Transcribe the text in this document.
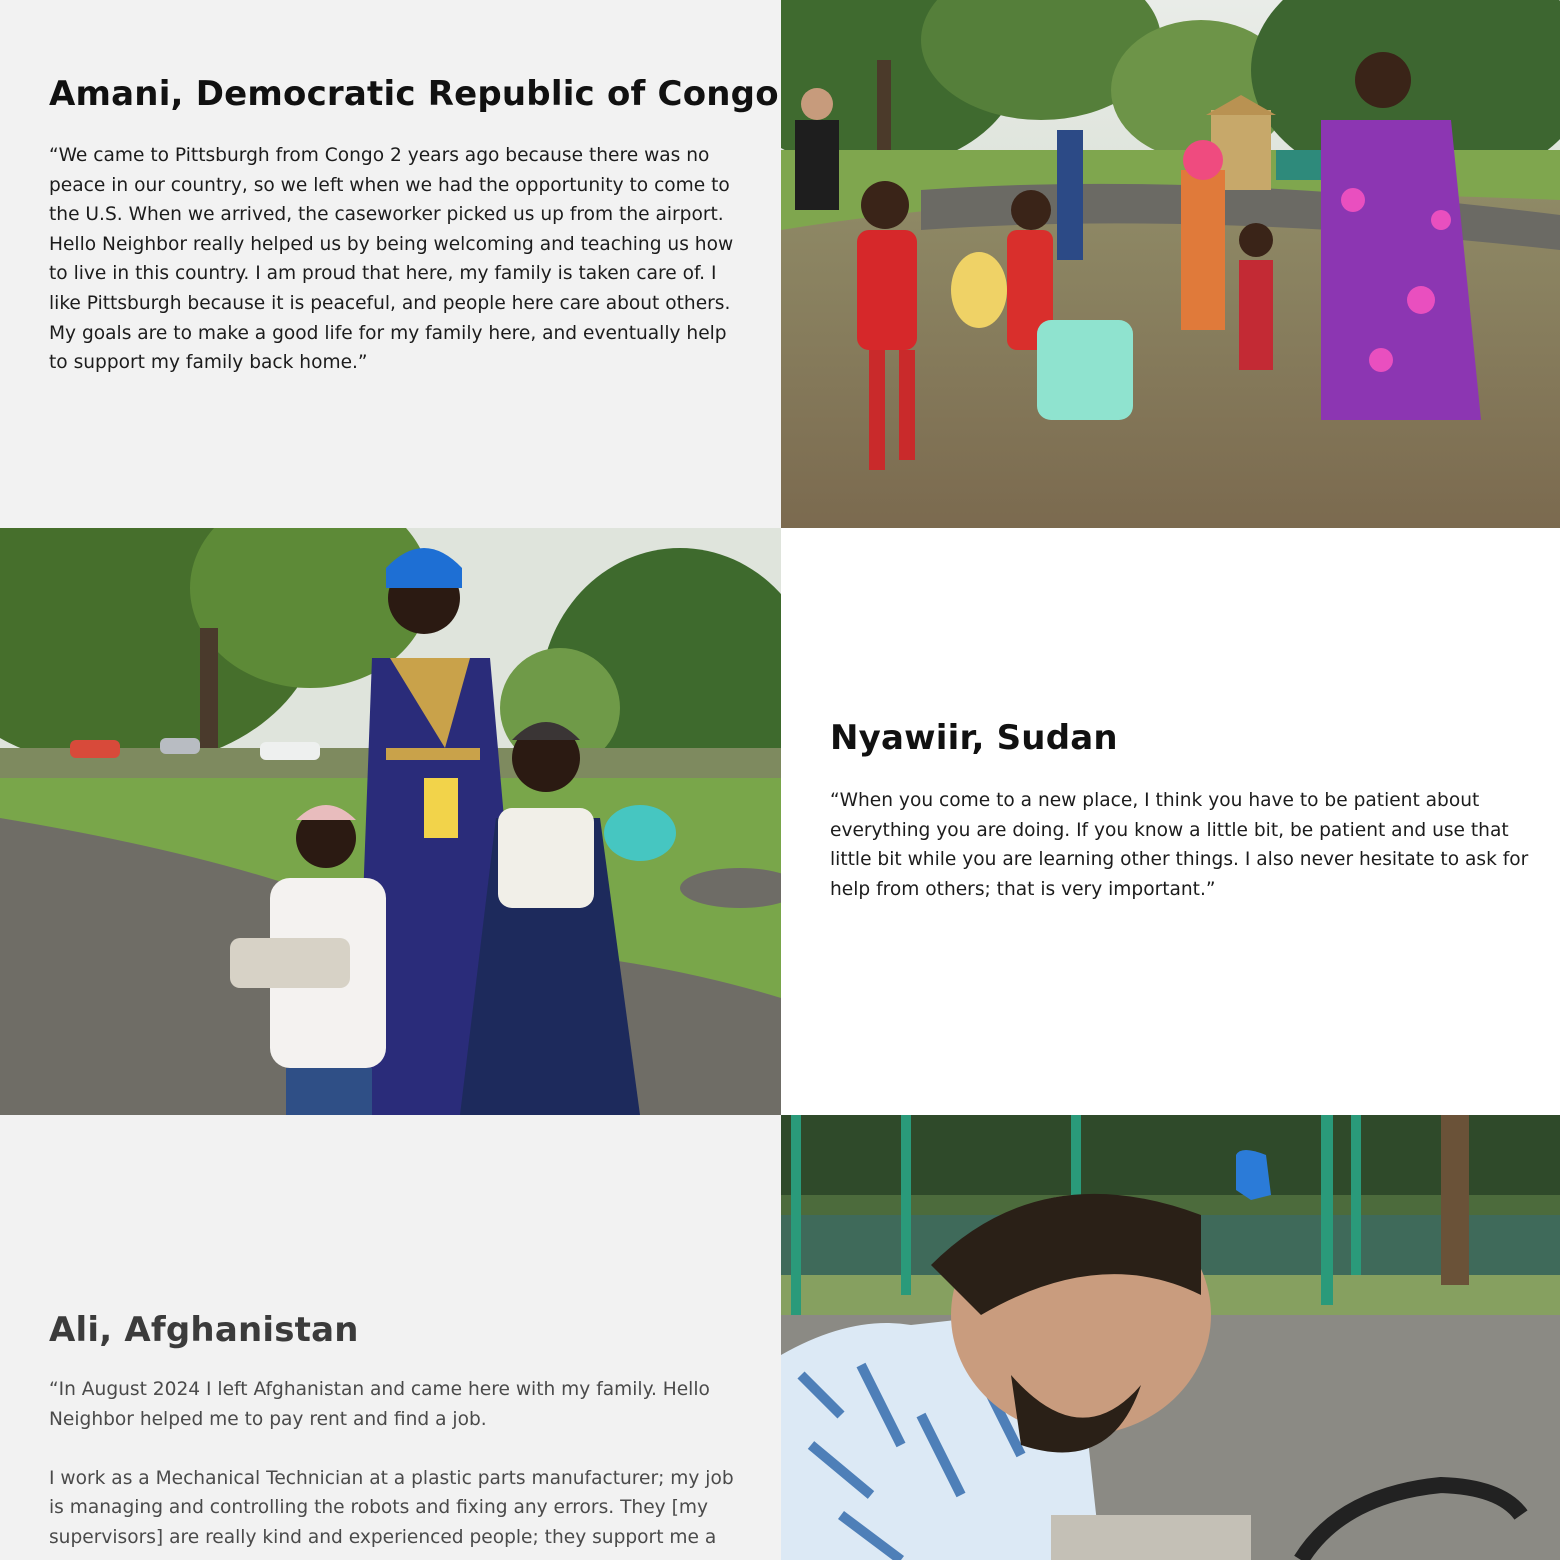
Amani, Democratic Republic of Congo

“We came to Pittsburgh from Congo 2 years ago because there was no peace in our country, so we left when we had the opportunity to come to the U.S. When we arrived, the caseworker picked us up from the airport. Hello Neighbor really helped us by being welcoming and teaching us how to live in this country. I am proud that here, my family is taken care of. I like Pittsburgh because it is peaceful, and people here care about others. My goals are to make a good life for my family here, and eventually help to support my family back home.”

Nyawiir, Sudan

“When you come to a new place, I think you have to be patient about everything you are doing. If you know a little bit, be patient and use that little bit while you are learning other things. I also never hesitate to ask for help from others; that is very important.”

Ali, Afghanistan

“In August 2024 I left Afghanistan and came here with my family. Hello Neighbor helped me to pay rent and find a job.

I work as a Mechanical Technician at a plastic parts manufacturer; my job is managing and controlling the robots and fixing any errors. They [my supervisors] are really kind and experienced people; they support me a
